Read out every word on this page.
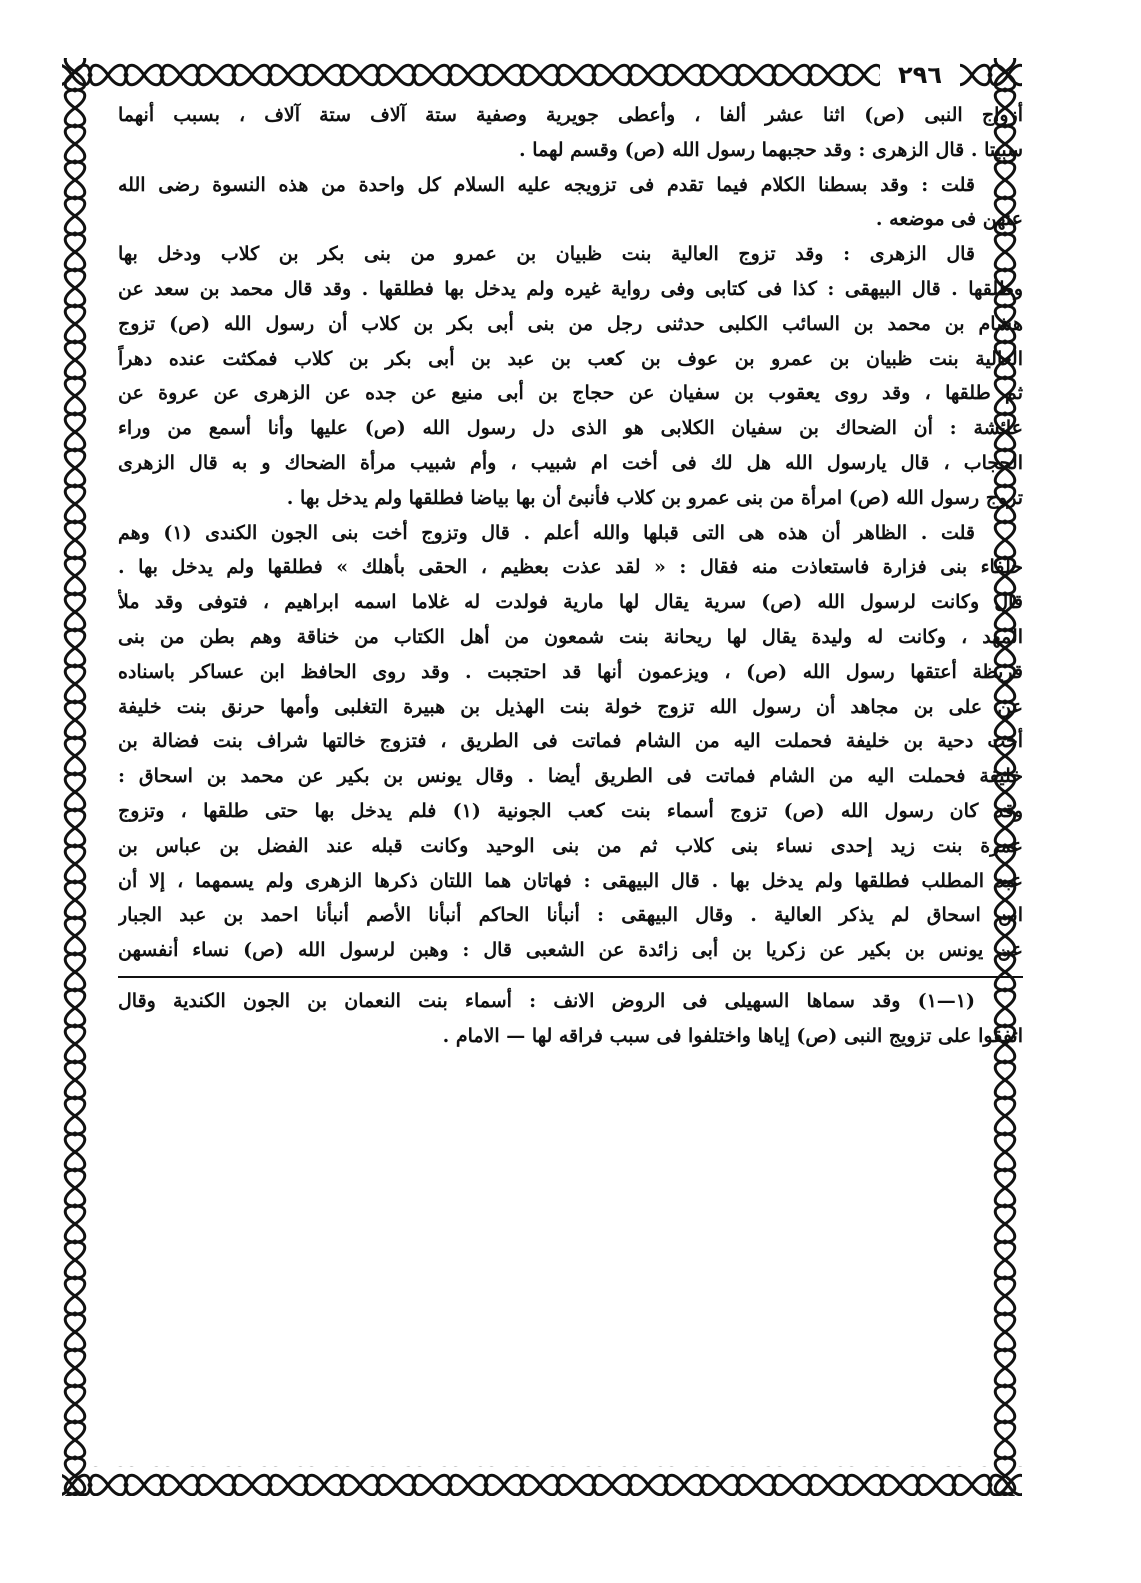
٢٩٦
أزواج النبى (ص) اثنا عشر ألفا ، وأعطى جويرية وصفية ستة آلاف ستة آلاف ، بسبب أنهما
سبيتا . قال الزهرى : وقد حجبهما رسول الله (ص) وقسم لهما .
قلت : وقد بسطنا الكلام فيما تقدم فى تزويجه عليه السلام كل واحدة من هذه النسوة رضى الله
عنهن فى موضعه .
قال الزهرى : وقد تزوج العالية بنت ظبيان بن عمرو من بنى بكر بن كلاب ودخل بها
وطلقها . قال البيهقى : كذا فى كتابى وفى رواية غيره ولم يدخل بها فطلقها . وقد قال محمد بن سعد عن
هشام بن محمد بن السائب الكلبى حدثنى رجل من بنى أبى بكر بن كلاب أن رسول الله (ص) تزوج
العالية بنت ظبيان بن عمرو بن عوف بن كعب بن عبد بن أبى بكر بن كلاب فمكثت عنده دهراً
ثم طلقها ، وقد روى يعقوب بن سفيان عن حجاج بن أبى منيع عن جده عن الزهرى عن عروة عن
عائشة : أن الضحاك بن سفيان الكلابى هو الذى دل رسول الله (ص) عليها وأنا أسمع من وراء
الحجاب ، قال يارسول الله هل لك فى أخت ام شبيب ، وأم شبيب مرأة الضحاك و به قال الزهرى
تزوج رسول الله (ص) امرأة من بنى عمرو بن كلاب فأنبئ أن بها بياضا فطلقها ولم يدخل بها .
قلت . الظاهر أن هذه هى التى قبلها والله أعلم . قال وتزوج أخت بنى الجون الكندى (١) وهم
حلفاء بنى فزارة فاستعاذت منه فقال : « لقد عذت بعظيم ، الحقى بأهلك » فطلقها ولم يدخل بها .
قال وكانت لرسول الله (ص) سرية يقال لها مارية فولدت له غلاما اسمه ابراهيم ، فتوفى وقد ملأ
المهد ، وكانت له وليدة يقال لها ريحانة بنت شمعون من أهل الكتاب من خناقة وهم بطن من بنى
قريظة أعتقها رسول الله (ص) ، ويزعمون أنها قد احتجبت . وقد روى الحافظ ابن عساكر باسناده
عن على بن مجاهد أن رسول الله تزوج خولة بنت الهذيل بن هبيرة التغلبى وأمها حرنق بنت خليفة
أخت دحية بن خليفة فحملت اليه من الشام فماتت فى الطريق ، فتزوج خالتها شراف بنت فضالة بن
خليفة فحملت اليه من الشام فماتت فى الطريق أيضا . وقال يونس بن بكير عن محمد بن اسحاق :
وقد كان رسول الله (ص) تزوج أسماء بنت كعب الجونية (١) فلم يدخل بها حتى طلقها ، وتزوج
عمرة بنت زيد إحدى نساء بنى كلاب ثم من بنى الوحيد وكانت قبله عند الفضل بن عباس بن
عبد المطلب فطلقها ولم يدخل بها . قال البيهقى : فهاتان هما اللتان ذكرها الزهرى ولم يسمهما ، إلا أن
ابن اسحاق لم يذكر العالية . وقال البيهقى : أنبأنا الحاكم أنبأنا الأصم أنبأنا احمد بن عبد الجبار
عن يونس بن بكير عن زكريا بن أبى زائدة عن الشعبى قال : وهبن لرسول الله (ص) نساء أنفسهن
(١—١) وقد سماها السهيلى فى الروض الانف : أسماء بنت النعمان بن الجون الكندية وقال
اتفقوا على تزويج النبى (ص) إياها واختلفوا فى سبب فراقه لها — الامام .
